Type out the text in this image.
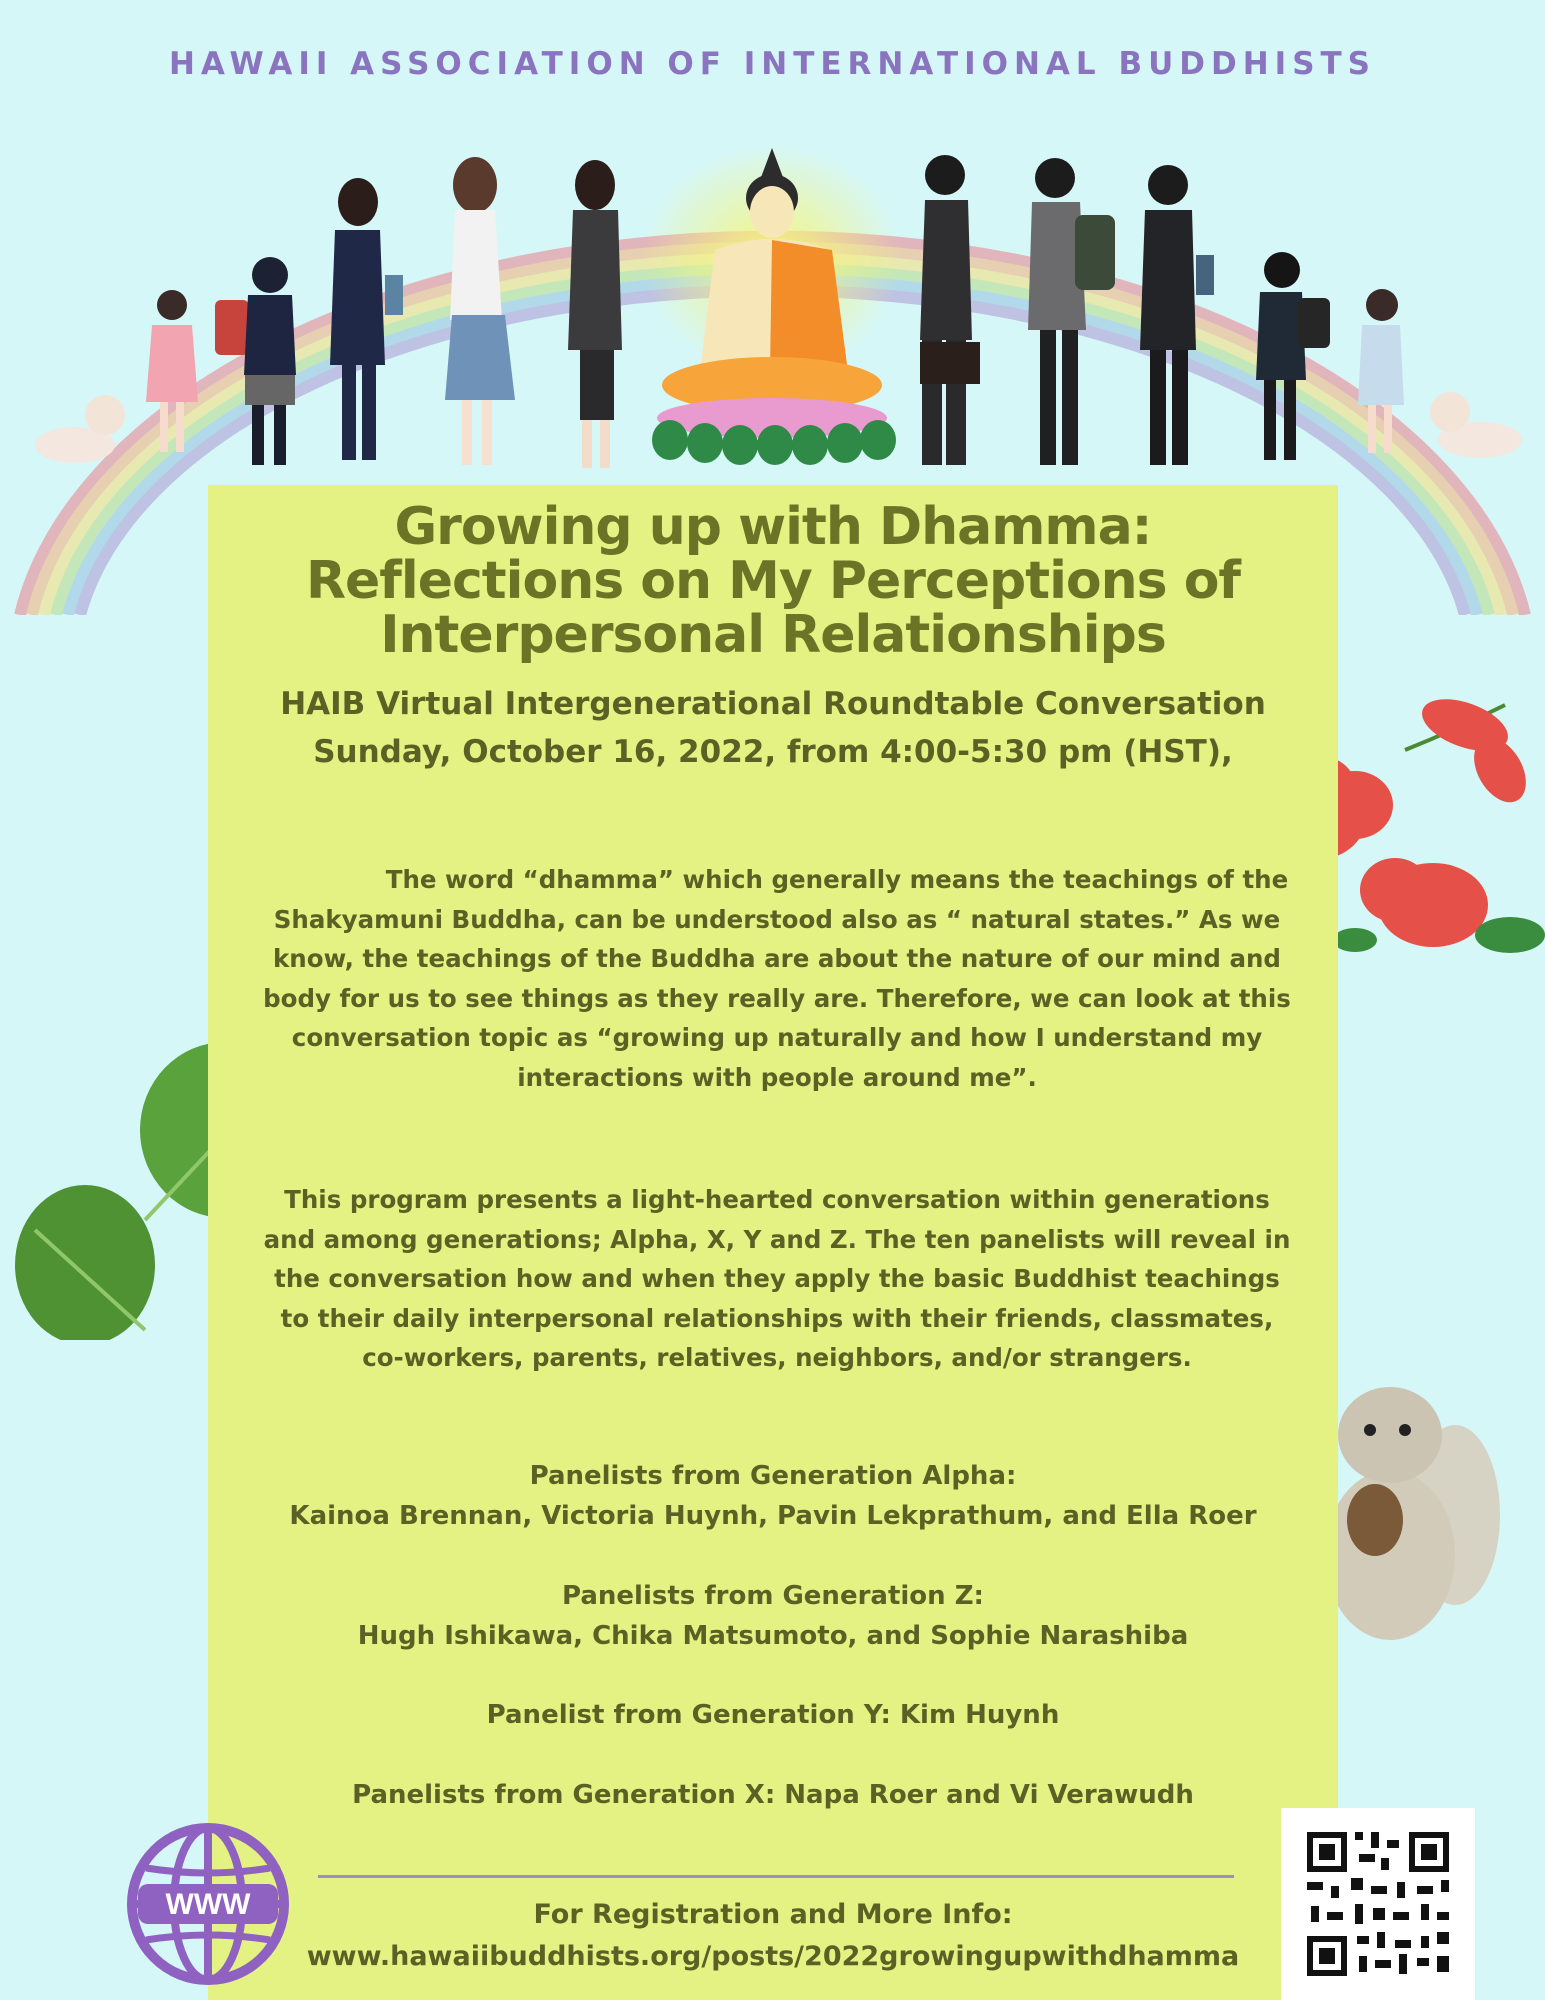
HAWAII ASSOCIATION OF INTERNATIONAL BUDDHISTS
Growing up with Dhamma:
Reflections on My Perceptions of
Interpersonal Relationships
HAIB Virtual Intergenerational Roundtable Conversation
Sunday, October 16, 2022, from 4:00-5:30 pm (HST),
The word “dhamma” which generally means the teachings of the Shakyamuni Buddha, can be understood also as “ natural states.” As we know, the teachings of the Buddha are about the nature of our mind and body for us to see things as they really are. Therefore, we can look at this conversation topic as “growing up naturally and how I understand my interactions with people around me”.
This program presents a light-hearted conversation within generations and among generations; Alpha, X, Y and Z. The ten panelists will reveal in the conversation how and when they apply the basic Buddhist teachings to their daily interpersonal relationships with their friends, classmates, co-workers, parents, relatives, neighbors, and/or strangers.
Panelists from Generation Alpha:
Kainoa Brennan, Victoria Huynh, Pavin Lekprathum, and Ella Roer
Panelists from Generation Z:
Hugh Ishikawa, Chika Matsumoto, and Sophie Narashiba
Panelist from Generation Y: Kim Huynh
Panelists from Generation X: Napa Roer and Vi Verawudh
For Registration and More Info:
www.hawaiibuddhists.org/posts/2022growingupwithdhamma
WWW
